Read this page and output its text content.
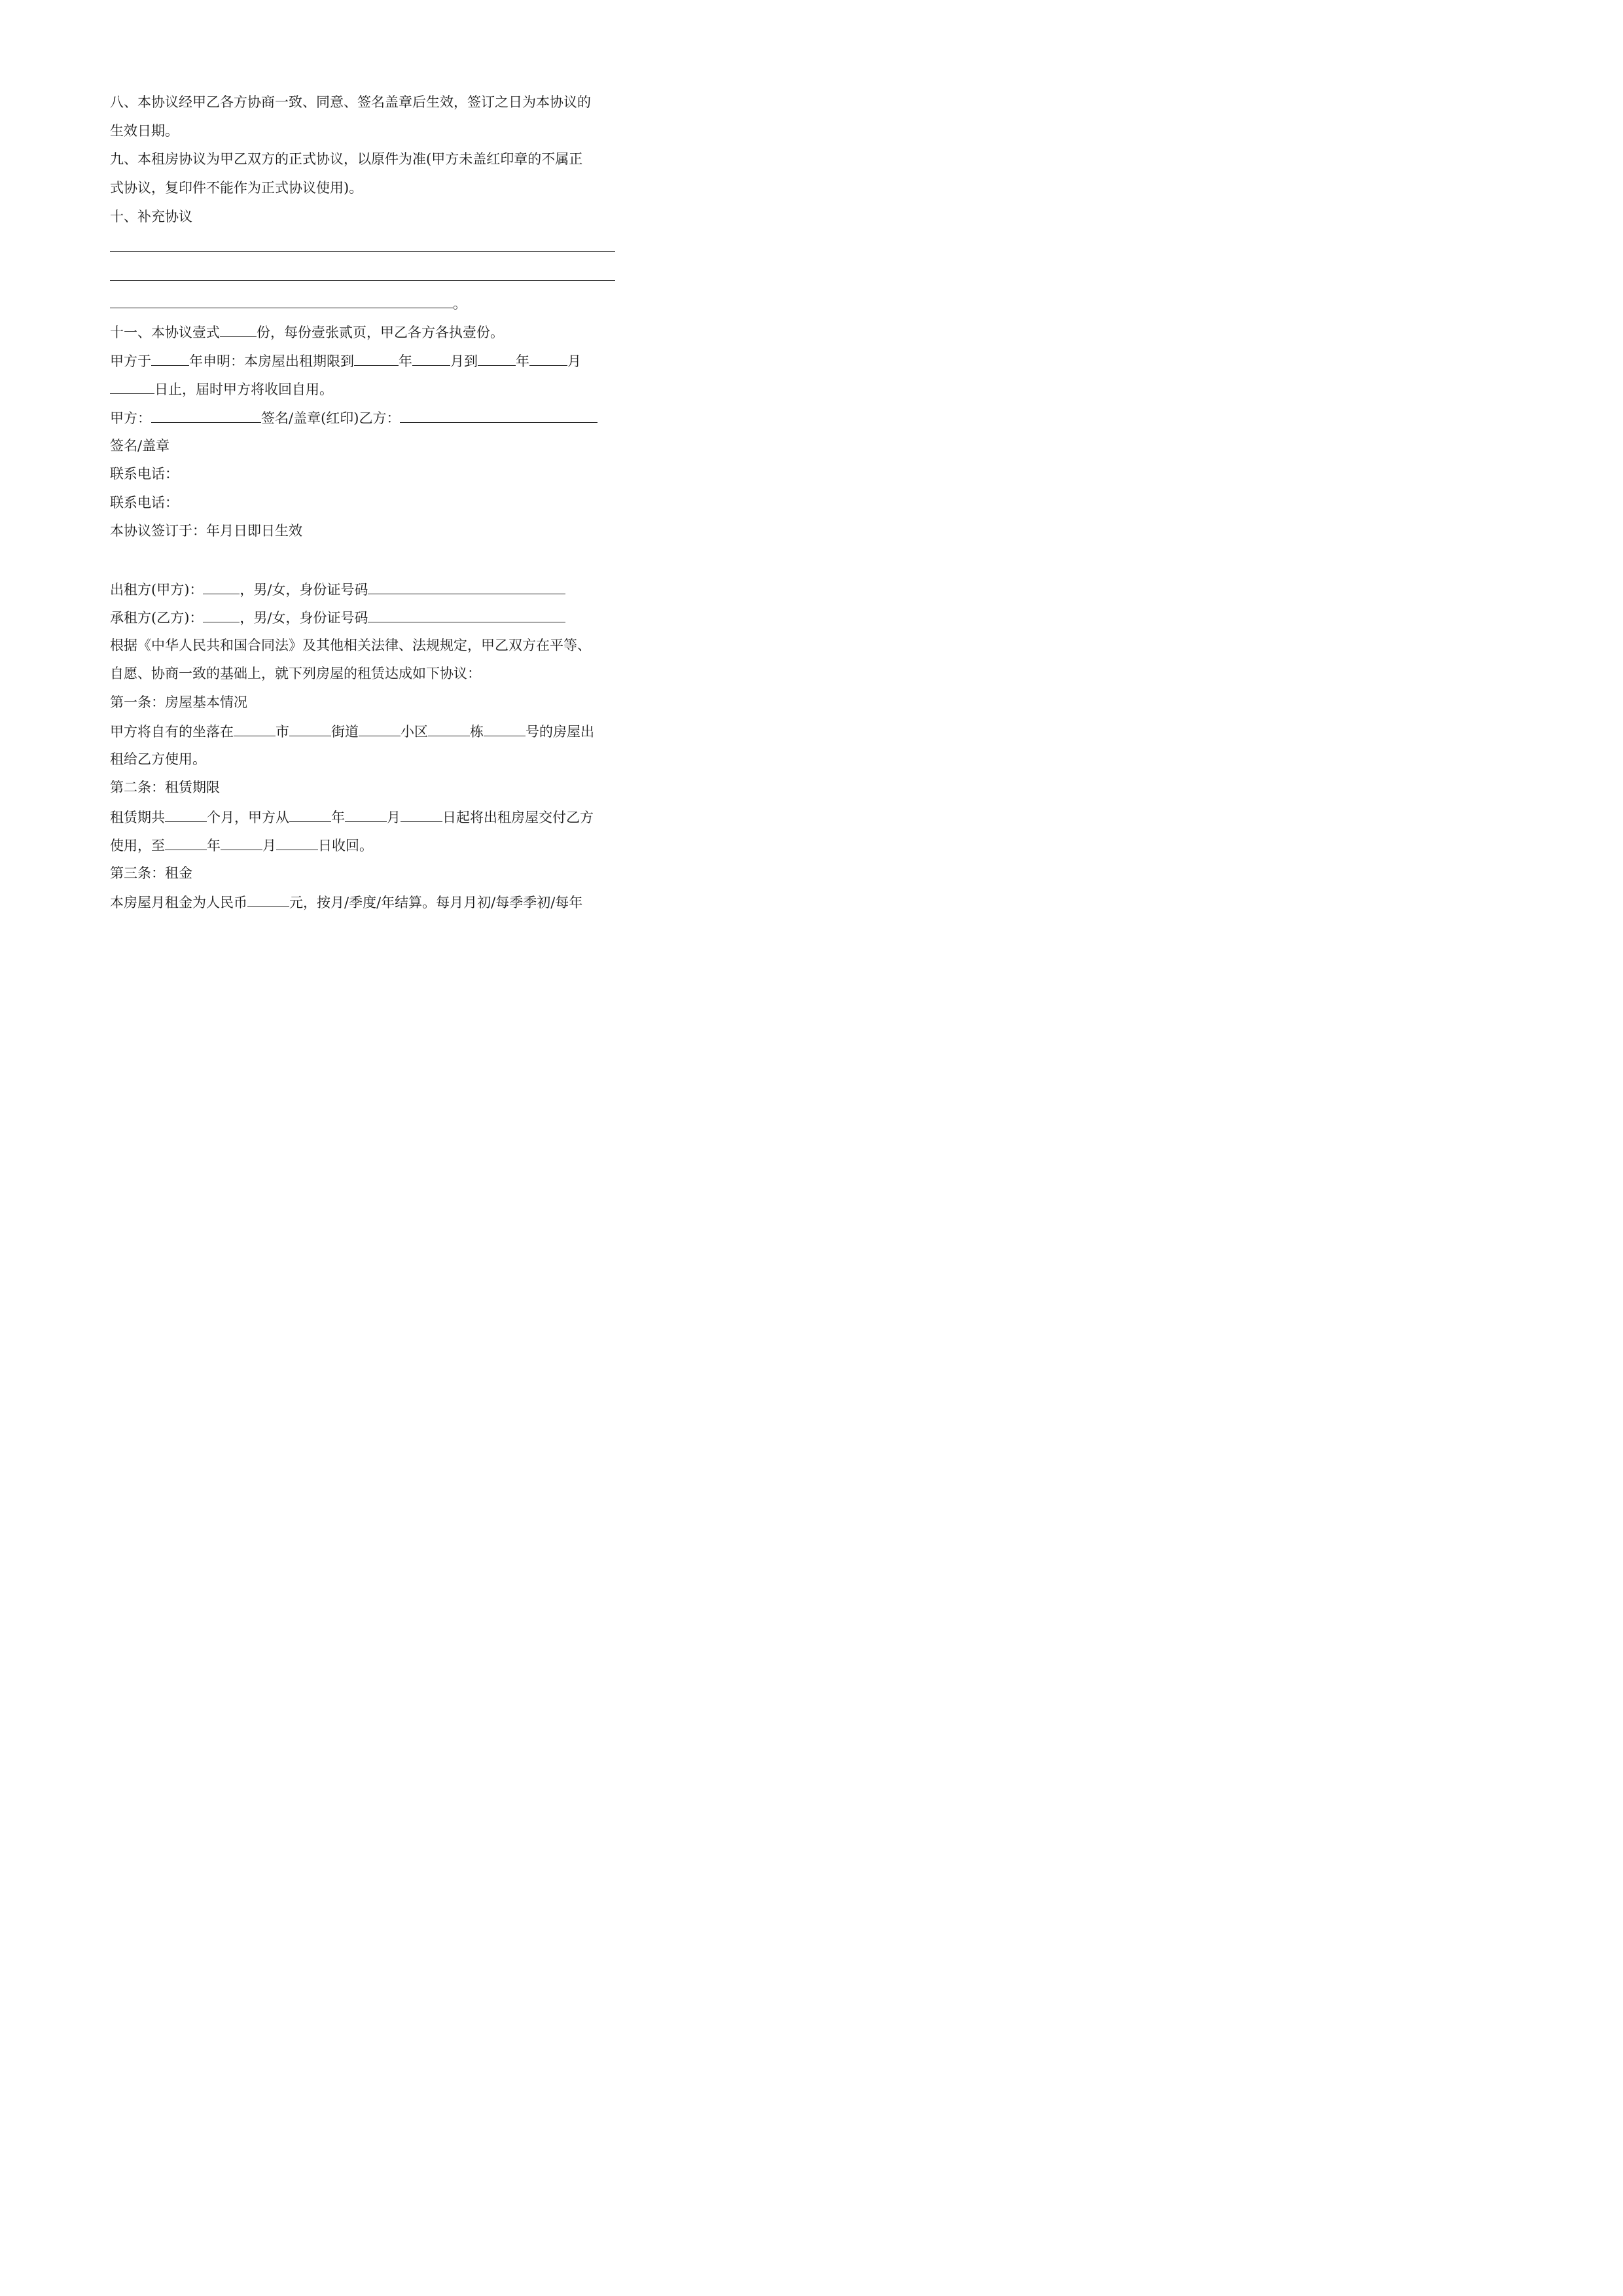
八、本协议经甲乙各方协商一致、同意、签名盖章后生效，签订之日为本协议的
生效日期。
九、本租房协议为甲乙双方的正式协议，以原件为准(甲方未盖红印章的不属正
式协议，复印件不能作为正式协议使用)。
十、补充协议
。
十一、本协议壹式	份，每份壹张贰页，甲乙各方各执壹份。
甲方于	年申明：本房屋出租期限到	年	月到	年	月
日止，届时甲方将收回自用。
甲方：	签名/盖章(红印)乙方：
签名/盖章
联系电话：
联系电话：
本协议签订于：年月日即日生效
出租方(甲方)：	，男/女，身份证号码
承租方(乙方)：	，男/女，身份证号码
根据《中华人民共和国合同法》及其他相关法律、法规规定，甲乙双方在平等、
自愿、协商一致的基础上，就下列房屋的租赁达成如下协议：
第一条：房屋基本情况
甲方将自有的坐落在	市	街道	小区	栋	号的房屋出
租给乙方使用。
第二条：租赁期限
租赁期共	个月，甲方从	年	月	日起将出租房屋交付乙方
使用，至	年	月	日收回。
第三条：租金
本房屋月租金为人民币	元，按月/季度/年结算。每月月初/每季季初/每年
